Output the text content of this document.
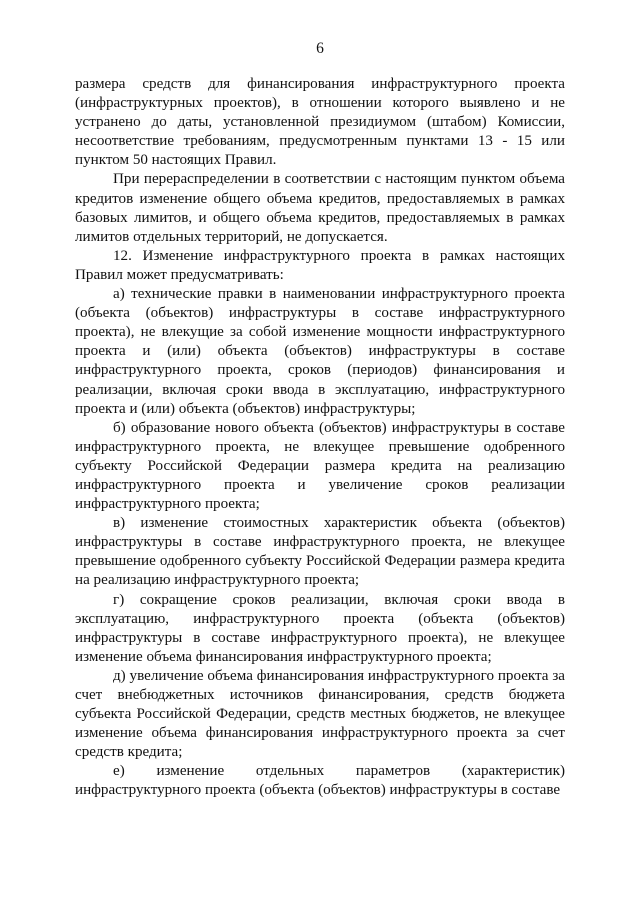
6

размера средств для финансирования инфраструктурного проекта (инфраструктурных проектов), в отношении которого выявлено и не устранено до даты, установленной президиумом (штабом) Комиссии, несоответствие требованиям, предусмотренным пунктами 13 - 15 или пунктом 50 настоящих Правил.

При перераспределении в соответствии с настоящим пунктом объема кредитов изменение общего объема кредитов, предоставляемых в рамках базовых лимитов, и общего объема кредитов, предоставляемых в рамках лимитов отдельных территорий, не допускается.

12. Изменение инфраструктурного проекта в рамках настоящих Правил может предусматривать:

а) технические правки в наименовании инфраструктурного проекта (объекта (объектов) инфраструктуры в составе инфраструктурного проекта), не влекущие за собой изменение мощности инфраструктурного проекта и (или) объекта (объектов) инфраструктуры в составе инфраструктурного проекта, сроков (периодов) финансирования и реализации, включая сроки ввода в эксплуатацию, инфраструктурного проекта и (или) объекта (объектов) инфраструктуры;

б) образование нового объекта (объектов) инфраструктуры в составе инфраструктурного проекта, не влекущее превышение одобренного субъекту Российской Федерации размера кредита на реализацию инфраструктурного проекта и увеличение сроков реализации инфраструктурного проекта;

в) изменение стоимостных характеристик объекта (объектов) инфраструктуры в составе инфраструктурного проекта, не влекущее превышение одобренного субъекту Российской Федерации размера кредита на реализацию инфраструктурного проекта;

г) сокращение сроков реализации, включая сроки ввода в эксплуатацию, инфраструктурного проекта (объекта (объектов) инфраструктуры в составе инфраструктурного проекта), не влекущее изменение объема финансирования инфраструктурного проекта;

д) увеличение объема финансирования инфраструктурного проекта за счет внебюджетных источников финансирования, средств бюджета субъекта Российской Федерации, средств местных бюджетов, не влекущее изменение объема финансирования инфраструктурного проекта за счет средств кредита;

е) изменение отдельных параметров (характеристик) инфраструктурного проекта (объекта (объектов) инфраструктуры в составе
